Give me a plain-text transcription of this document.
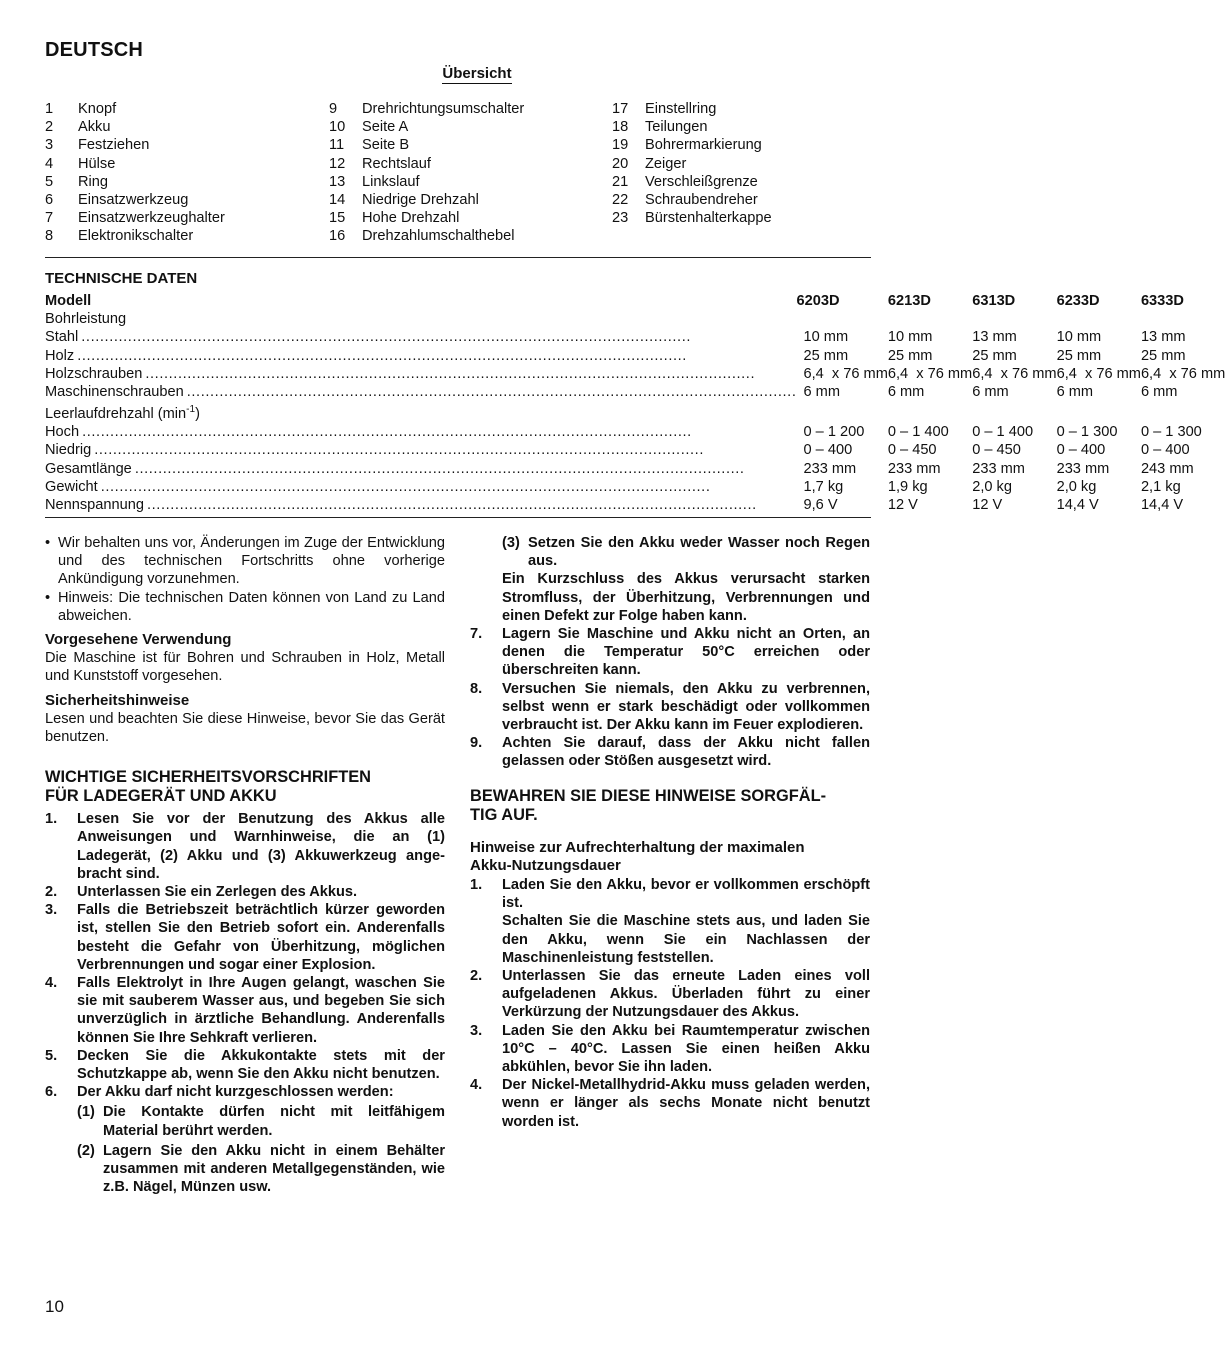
DEUTSCH
Übersicht
1	Knopf
2	Akku
3	Festziehen
4	Hülse
5	Ring
6	Einsatzwerkzeug
7	Einsatzwerkzeughalter
8	Elektronikschalter
9	Drehrichtungsumschalter
10	Seite A
11	Seite B
12	Rechtslauf
13	Linkslauf
14	Niedrige Drehzahl
15	Hohe Drehzahl
16	Drehzahlumschalthebel
17	Einstellring
18	Teilungen
19	Bohrermarkierung
20	Zeiger
21	Verschleißgrenze
22	Schraubendreher
23	Bürstenhalterkappe
TECHNISCHE DATEN
Modell	6203D	6213D	6313D	6233D	6333D
Bohrleistung					

Stahl
.....	10 mm	10 mm	13 mm	10 mm	13 mm

Holz
.....	25 mm	25 mm	25 mm	25 mm	25 mm

Holzschrauben
.....	6,4  x 76 mm	6,4  x 76 mm	6,4  x 76 mm	6,4  x 76 mm	6,4  x 76 mm

Maschinenschrauben
.....	6 mm	6 mm	6 mm	6 mm	6 mm
Leerlaufdrehzahl $(\min^{-1})$					

Hoch
.....	0 – 1 200	0 – 1 400	0 – 1 400	0 – 1 300	0 – 1 300

Niedrig
.....	0 – 400	0 – 450	0 – 450	0 – 400	0 – 400

Gesamtlänge
.....	233 mm	233 mm	233 mm	233 mm	243 mm

Gewicht
.....	1,7 kg	1,9 kg	2,0 kg	2,0 kg	2,1 kg

Nennspannung
.....	9,6 V	12 V	12 V	14,4 V	14,4 V
• Wir behalten uns vor, Änderungen im Zuge der Entwicklung und des technischen Fortschritts ohne vorherige Ankündigung vorzunehmen.
• Hinweis: Die technischen Daten können von Land zu Land abweichen.
Vorgesehene Verwendung
Die Maschine ist für Bohren und Schrauben in Holz, Metall und Kunststoff vorgesehen.
Sicherheitshinweise
Lesen und beachten Sie diese Hinweise, bevor Sie das Gerät benutzen.
WICHTIGE SICHERHEITSVORSCHRIFTEN
FÜR LADEGERÄT UND AKKU
1.	Lesen Sie vor der Benutzung des Akkus alle Anweisungen und Warnhinweise, die an (1) Ladegerät, (2) Akku und (3) Akkuwerkzeug angebracht sind.
2.	Unterlassen Sie ein Zerlegen des Akkus.
3.	Falls die Betriebszeit beträchtlich kürzer geworden ist, stellen Sie den Betrieb sofort ein. Anderenfalls besteht die Gefahr von Überhitzung, möglichen Verbrennungen und sogar einer Explosion.
4.	Falls Elektrolyt in Ihre Augen gelangt, waschen Sie sie mit sauberem Wasser aus, und begeben Sie sich unverzüglich in ärztliche Behandlung. Anderenfalls können Sie Ihre Sehkraft verlieren.
5.	Decken Sie die Akkukontakte stets mit der Schutzkappe ab, wenn Sie den Akku nicht benutzen.
6.	Der Akku darf nicht kurzgeschlossen werden:
(1) Die Kontakte dürfen nicht mit leitfähigem Material berührt werden.
(2) Lagern Sie den Akku nicht in einem Behälter zusammen mit anderen Metallgegenständen, wie z.B. Nägel, Münzen usw.
(3) Setzen Sie den Akku weder Wasser noch Regen aus.
Ein Kurzschluss des Akkus verursacht starken Stromfluss, der Überhitzung, Verbrennungen und einen Defekt zur Folge haben kann.
7.	Lagern Sie Maschine und Akku nicht an Orten, an denen die Temperatur 50°C erreichen oder überschreiten kann.
8.	Versuchen Sie niemals, den Akku zu verbrennen, selbst wenn er stark beschädigt oder vollkommen verbraucht ist. Der Akku kann im Feuer explodieren.
9.	Achten Sie darauf, dass der Akku nicht fallen gelassen oder Stößen ausgesetzt wird.
BEWAHREN SIE DIESE HINWEISE SORGFÄL-
TIG AUF.
Hinweise zur Aufrechterhaltung der maximalen
Akku-Nutzungsdauer
1.	Laden Sie den Akku, bevor er vollkommen erschöpft ist.
Schalten Sie die Maschine stets aus, und laden Sie den Akku, wenn Sie ein Nachlassen der Maschinenleistung feststellen.
2.	Unterlassen Sie das erneute Laden eines voll aufgeladenen Akkus. Überladen führt zu einer Verkürzung der Nutzungsdauer des Akkus.
3.	Laden Sie den Akku bei Raumtemperatur zwischen 10°C – 40°C. Lassen Sie einen heißen Akku abkühlen, bevor Sie ihn laden.
4.	Der Nickel-Metallhydrid-Akku muss geladen werden, wenn er länger als sechs Monate nicht benutzt worden ist.
10
